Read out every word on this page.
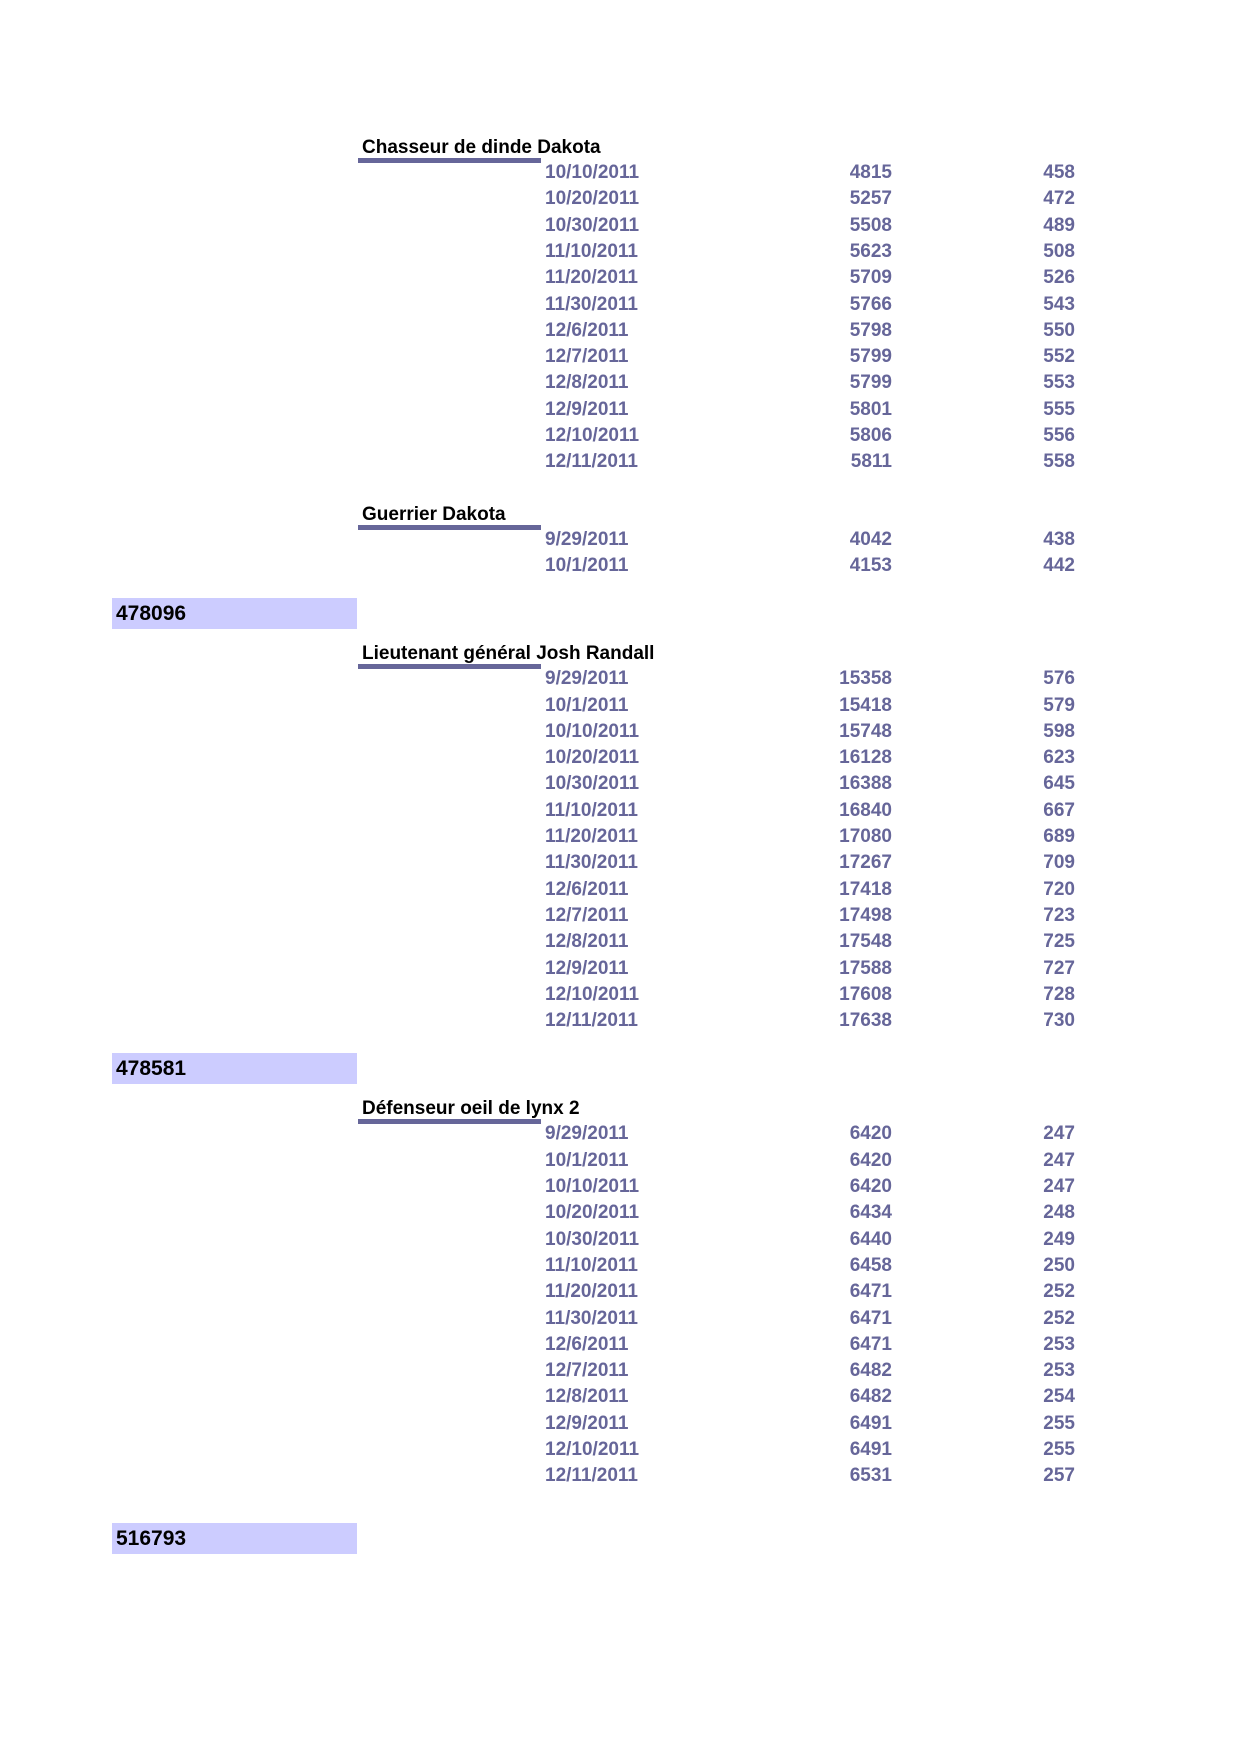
Chasseur de dinde Dakota
10/10/2011	4815	458
10/20/2011	5257	472
10/30/2011	5508	489
11/10/2011	5623	508
11/20/2011	5709	526
11/30/2011	5766	543
12/6/2011	5798	550
12/7/2011	5799	552
12/8/2011	5799	553
12/9/2011	5801	555
12/10/2011	5806	556
12/11/2011	5811	558
Guerrier Dakota
9/29/2011	4042	438
10/1/2011	4153	442
478096
Lieutenant général Josh Randall
9/29/2011	15358	576
10/1/2011	15418	579
10/10/2011	15748	598
10/20/2011	16128	623
10/30/2011	16388	645
11/10/2011	16840	667
11/20/2011	17080	689
11/30/2011	17267	709
12/6/2011	17418	720
12/7/2011	17498	723
12/8/2011	17548	725
12/9/2011	17588	727
12/10/2011	17608	728
12/11/2011	17638	730
478581
Défenseur oeil de lynx 2
9/29/2011	6420	247
10/1/2011	6420	247
10/10/2011	6420	247
10/20/2011	6434	248
10/30/2011	6440	249
11/10/2011	6458	250
11/20/2011	6471	252
11/30/2011	6471	252
12/6/2011	6471	253
12/7/2011	6482	253
12/8/2011	6482	254
12/9/2011	6491	255
12/10/2011	6491	255
12/11/2011	6531	257
516793
